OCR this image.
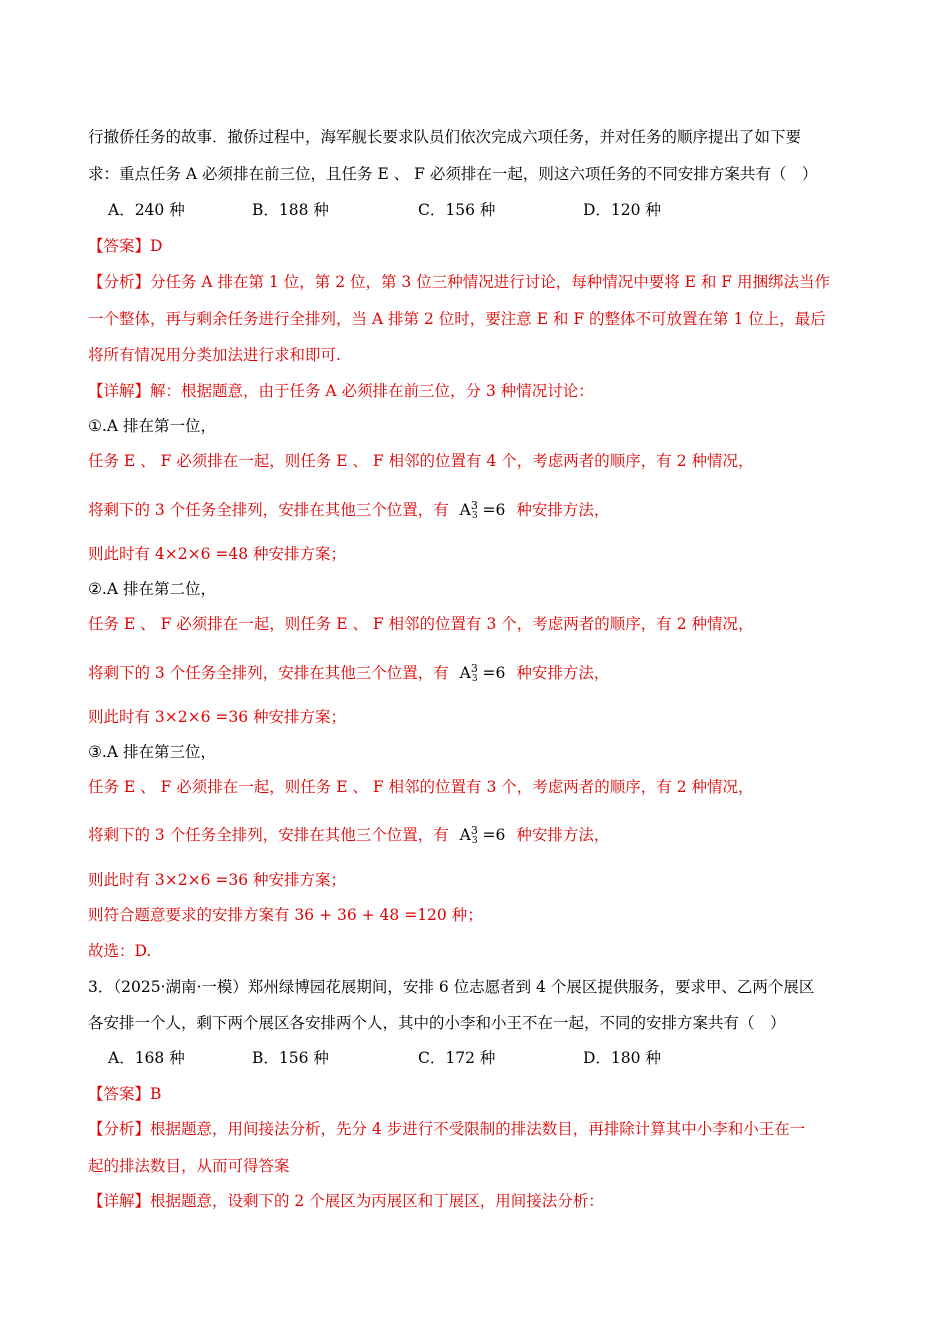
行撤侨任务的故事．撤侨过程中，海军舰长要求队员们依次完成六项任务，并对任务的顺序提出了如下要
求：重点任务 A 必须排在前三位，且任务 E 、 F 必须排在一起，则这六项任务的不同安排方案共有（　）
A．240 种	B．188 种	C．156 种	D．120 种
【答案】D
【分析】分任务 A 排在第 1 位，第 2 位，第 3 位三种情况进行讨论，每种情况中要将 E 和 F 用捆绑法当作
一个整体，再与剩余任务进行全排列，当 A 排第 2 位时，要注意 E 和 F 的整体不可放置在第 1 位上，最后
将所有情况用分类加法进行求和即可.
【详解】解：根据题意，由于任务 A 必须排在前三位，分 3 种情况讨论：
①.A 排在第一位，
任务 E 、 F 必须排在一起，则任务 E 、 F 相邻的位置有 4 个，考虑两者的顺序，有 2 种情况，
将剩下的 3 个任务全排列，安排在其他三个位置，有 $A^3_3 =6$ 种安排方法，
则此时有 4×2×6 =48 种安排方案；
②.A 排在第二位，
任务 E 、 F 必须排在一起，则任务 E 、 F 相邻的位置有 3 个，考虑两者的顺序，有 2 种情况，
将剩下的 3 个任务全排列，安排在其他三个位置，有 $A^3_3 =6$ 种安排方法，
则此时有 3×2×6 =36 种安排方案；
③.A 排在第三位，
任务 E 、 F 必须排在一起，则任务 E 、 F 相邻的位置有 3 个，考虑两者的顺序，有 2 种情况，
将剩下的 3 个任务全排列，安排在其他三个位置，有 $A^3_3 =6$ 种安排方法，
则此时有 3×2×6 =36 种安排方案；
则符合题意要求的安排方案有 36 + 36 + 48 =120 种；
故选：D.
3．（2025·湖南·一模）郑州绿博园花展期间，安排 6 位志愿者到 4 个展区提供服务，要求甲、乙两个展区
各安排一个人，剩下两个展区各安排两个人，其中的小李和小王不在一起，不同的安排方案共有（　）
A．168 种	B．156 种	C．172 种	D．180 种
【答案】B
【分析】根据题意，用间接法分析，先分 4 步进行不受限制的排法数目，再排除计算其中小李和小王在一
起的排法数目，从而可得答案
【详解】根据题意，设剩下的 2 个展区为丙展区和丁展区，用间接法分析：
